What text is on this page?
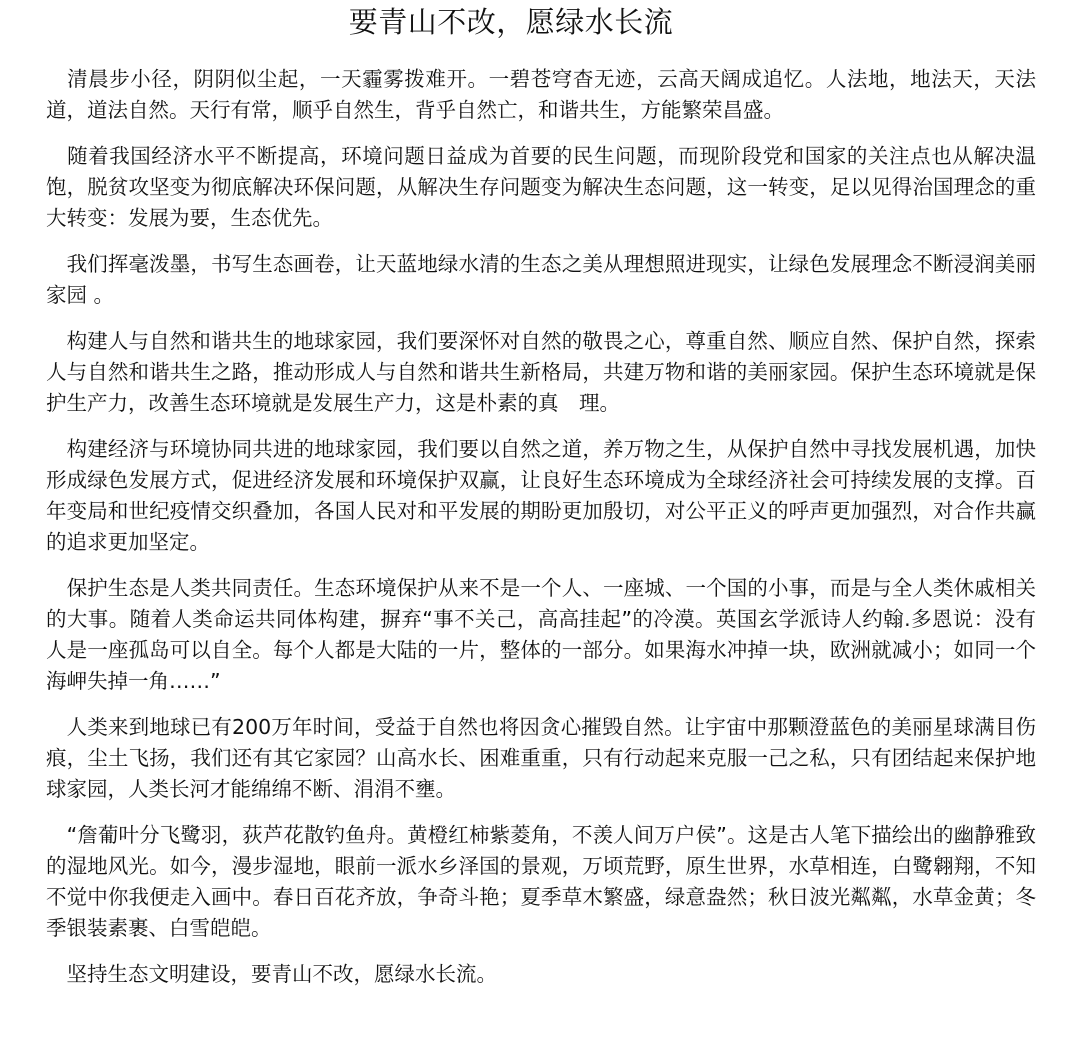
要青山不改，愿绿水长流

　清晨步小径，阴阴似尘起，一天霾雾拨难开。一碧苍穹杳无迹，云高天阔成追忆。人法地，地法天，天法道，道法自然。天行有常，顺乎自然生，背乎自然亡，和谐共生，方能繁荣昌盛。

　随着我国经济水平不断提高，环境问题日益成为首要的民生问题，而现阶段党和国家的关注点也从解决温饱，脱贫攻坚变为彻底解决环保问题，从解决生存问题变为解决生态问题，这一转变，足以见得治国理念的重大转变：发展为要，生态优先。

　我们挥毫泼墨，书写生态画卷，让天蓝地绿水清的生态之美从理想照进现实，让绿色发展理念不断浸润美丽家园 。

　构建人与自然和谐共生的地球家园，我们要深怀对自然的敬畏之心，尊重自然、顺应自然、保护自然，探索人与自然和谐共生之路，推动形成人与自然和谐共生新格局，共建万物和谐的美丽家园。保护生态环境就是保护生产力，改善生态环境就是发展生产力，这是朴素的真　理。

　构建经济与环境协同共进的地球家园，我们要以自然之道，养万物之生，从保护自然中寻找发展机遇，加快形成绿色发展方式，促进经济发展和环境保护双赢，让良好生态环境成为全球经济社会可持续发展的支撑。百年变局和世纪疫情交织叠加，各国人民对和平发展的期盼更加殷切，对公平正义的呼声更加强烈，对合作共赢的追求更加坚定。

　保护生态是人类共同责任。生态环境保护从来不是一个人、一座城、一个国的小事，而是与全人类休戚相关的大事。随着人类命运共同体构建，摒弃“事不关己，高高挂起”的冷漠。英国玄学派诗人约翰.多恩说：没有人是一座孤岛可以自全。每个人都是大陆的一片，整体的一部分。如果海水冲掉一块，欧洲就减小；如同一个海岬失掉一角……”

　人类来到地球已有200万年时间，受益于自然也将因贪心摧毁自然。让宇宙中那颗澄蓝色的美丽星球满目伤痕，尘土飞扬，我们还有其它家园？山高水长、困难重重，只有行动起来克服一己之私，只有团结起来保护地球家园，人类长河才能绵绵不断、涓涓不壅。

　“詹葡叶分飞鹭羽，荻芦花散钓鱼舟。黄橙红柿紫菱角，不羡人间万户侯”。这是古人笔下描绘出的幽静雅致的湿地风光。如今，漫步湿地，眼前一派水乡泽国的景观，万顷荒野，原生世界，水草相连，白鹭翱翔，不知不觉中你我便走入画中。春日百花齐放，争奇斗艳；夏季草木繁盛，绿意盎然；秋日波光粼粼，水草金黄；冬季银装素裹、白雪皑皑。

　坚持生态文明建设，要青山不改，愿绿水长流。
